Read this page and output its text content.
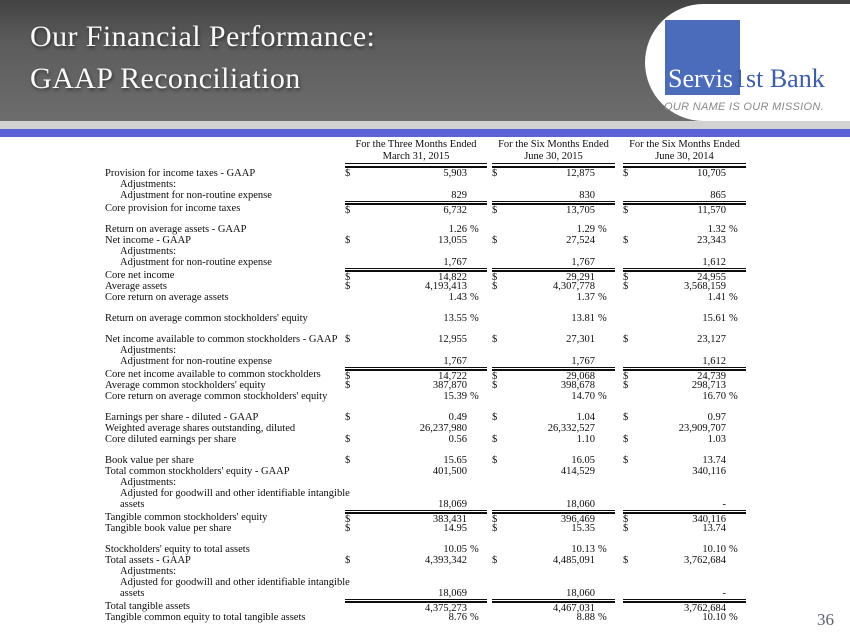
Our Financial Performance:
GAAP Reconciliation	Servis1st Bank
OUR NAME IS OUR MISSION.
For the Three Months Ended
March 31, 2015
For the Six Months Ended
June 30, 2015
For the Six Months Ended
June 30, 2014
Provision for income taxes - GAAP	$	5,903 $	12,875	$	10,705
Adjustments:
Adjustment for non-routine expense	829	830	865
Core provision for income taxes	$	6,732 $	13,705	$	11,570
Return on average assets - GAAP	1.26 %	1.29 %	1.32 %
Net income - GAAP	$	13,055 $	27,524	$	23,343
Adjustments:
Adjustment for non-routine expense	1,767	1,767	1,612
Core net income	$	14,822 $	29,291	$	24,955
Average assets	$	4,193,413 $	4,307,778	$	3,568,159
Core return on average assets	1.43 %	1.37 %	1.41 %
Return on average common stockholders' equity	13.55 %	13.81 %	15.61 %
Net income available to common stockholders - GAAP $	12,955 $	27,301	$	23,127
Adjustments:
Adjustment for non-routine expense	1,767	1,767	1,612
Core net income available to common stockholders	$	14,722 $	29,068	$	24,739
Average common stockholders' equity	$	387,870 $	398,678	$	298,713
Core return on average common stockholders' equity	15.39 %	14.70 %	16.70 %
Earnings per share - diluted - GAAP	$	0.49 $	1.04	$	0.97
Weighted average shares outstanding, diluted	26,237,980	26,332,527	23,909,707
Core diluted earnings per share	$	0.56 $	1.10	$	1.03
Book value per share	$	15.65 $	16.05	$	13.74
Total common stockholders' equity - GAAP	401,500	414,529	340,116
Adjustments:
Adjusted for goodwill and other identifiable intangible
assets	18,069	18,060	-
Tangible common stockholders' equity	$	383,431 $	396,469	$	340,116
Tangible book value per share	$	14.95 $	15.35	$	13.74
Stockholders' equity to total assets	10.05 %	10.13 %	10.10 %
Total assets - GAAP	$	4,393,342 $	4,485,091	$	3,762,684
Adjustments:
Adjusted for goodwill and other identifiable intangible
assets	18,069	18,060	-
Total tangible assets	4,375,273	4,467,031	3,762,684
Tangible common equity to total tangible assets	8.76 %	8.88 %	10.10 %	36
